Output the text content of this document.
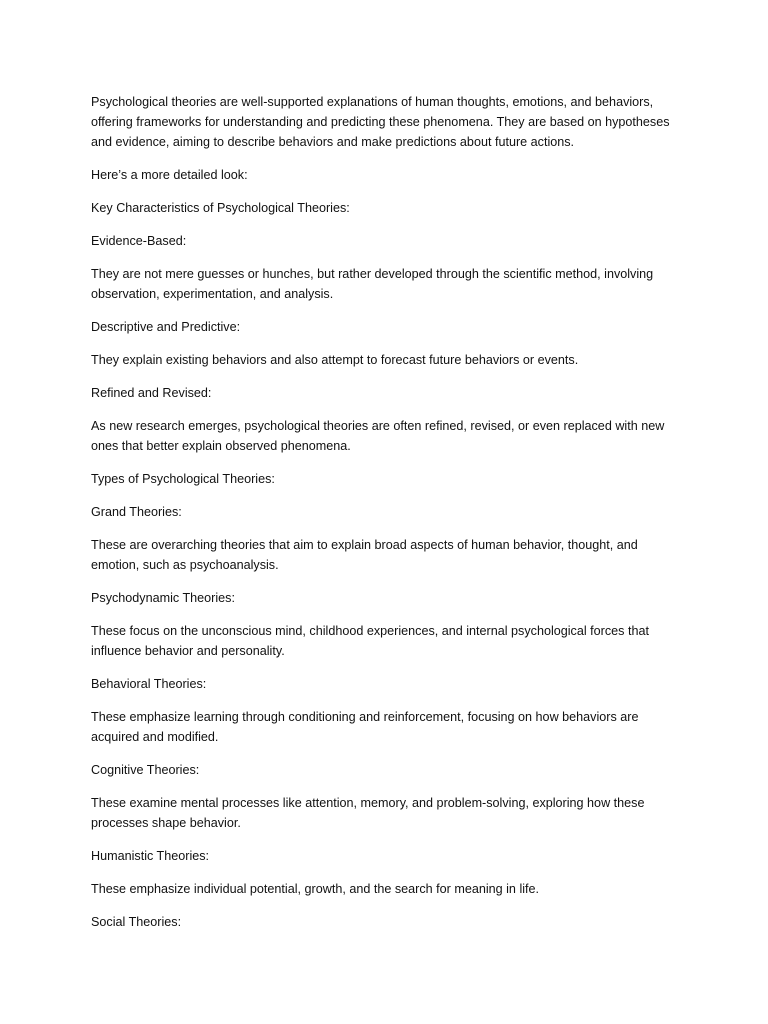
Psychological theories are well-supported explanations of human thoughts, emotions, and behaviors, offering frameworks for understanding and predicting these phenomena. They are based on hypotheses and evidence, aiming to describe behaviors and make predictions about future actions.

Here’s a more detailed look:

Key Characteristics of Psychological Theories:

Evidence-Based:

They are not mere guesses or hunches, but rather developed through the scientific method, involving observation, experimentation, and analysis.

Descriptive and Predictive:

They explain existing behaviors and also attempt to forecast future behaviors or events.

Refined and Revised:

As new research emerges, psychological theories are often refined, revised, or even replaced with new ones that better explain observed phenomena.

Types of Psychological Theories:

Grand Theories:

These are overarching theories that aim to explain broad aspects of human behavior, thought, and emotion, such as psychoanalysis.

Psychodynamic Theories:

These focus on the unconscious mind, childhood experiences, and internal psychological forces that influence behavior and personality.

Behavioral Theories:

These emphasize learning through conditioning and reinforcement, focusing on how behaviors are acquired and modified.

Cognitive Theories:

These examine mental processes like attention, memory, and problem-solving, exploring how these processes shape behavior.

Humanistic Theories:

These emphasize individual potential, growth, and the search for meaning in life.

Social Theories:
